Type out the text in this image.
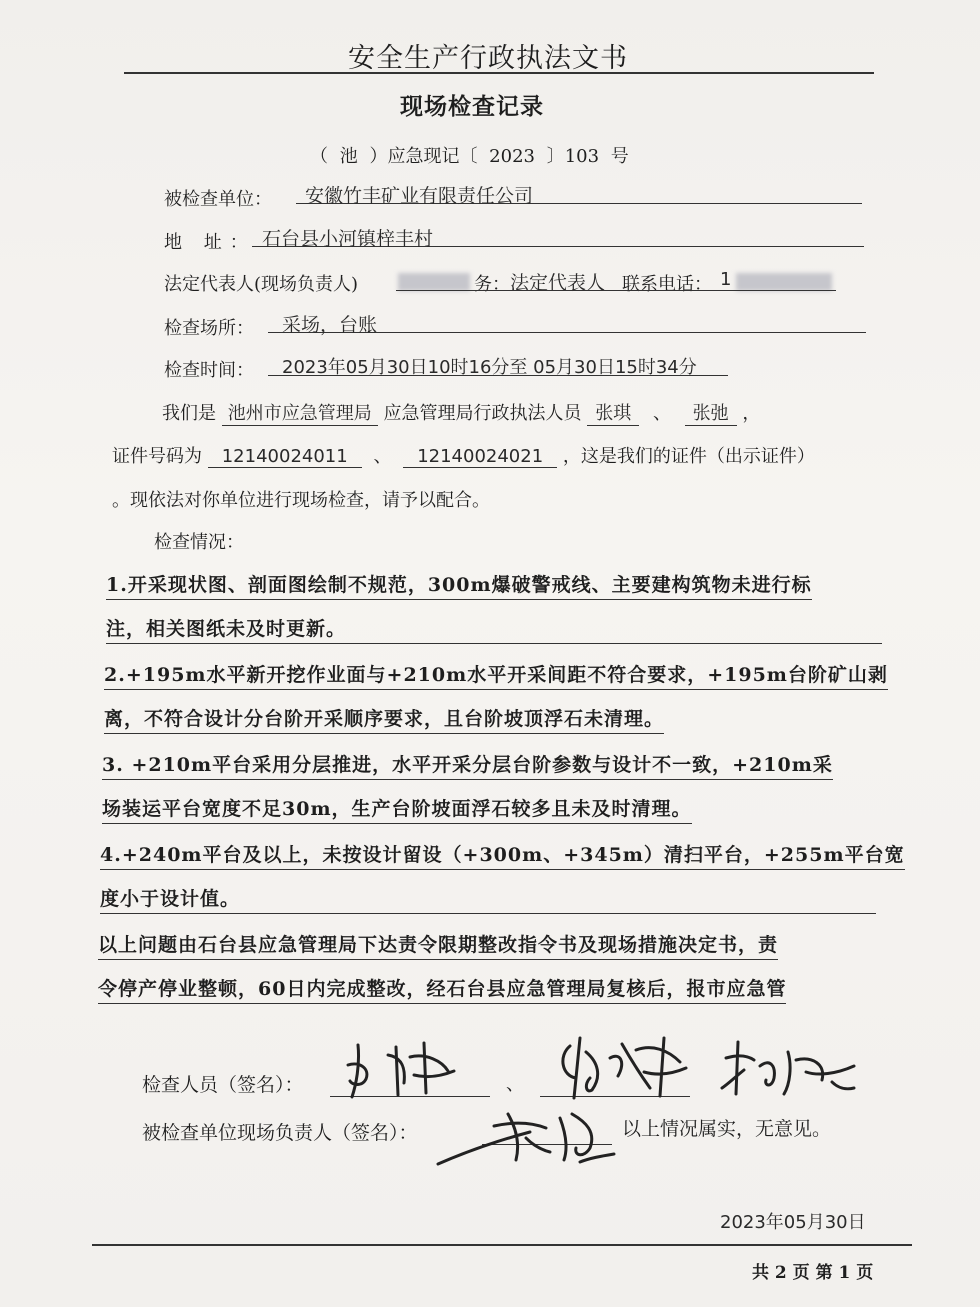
安全生产行政执法文书
现场检查记录
（ 池 ）应急现记〔 2023 〕103 号
被检查单位： 安徽竹丰矿业有限责任公司
地 址： 石台县小河镇梓丰村
法定代表人(现场负责人)	务： 法定代表人 联系电话： 1
检查场所： 采场，台账
检查时间： 2023年05月30日10时16分至 05月30日15时34分
我们是 池州市应急管理局 应急管理局行政执法人员 张琪 、 张弛 ，
证件号码为 12140024011 、 12140024021 ，这是我们的证件（出示证件）
。现依法对你单位进行现场检查，请予以配合。
检查情况：
1.开采现状图、剖面图绘制不规范，300m爆破警戒线、主要建构筑物未进行标
注，相关图纸未及时更新。
2.+195m水平新开挖作业面与+210m水平开采间距不符合要求，+195m台阶矿山剥
离，不符合设计分台阶开采顺序要求，且台阶坡顶浮石未清理。
3. +210m平台采用分层推进，水平开采分层台阶参数与设计不一致，+210m采
场装运平台宽度不足30m，生产台阶坡面浮石较多且未及时清理。
4.+240m平台及以上，未按设计留设（+300m、+345m）清扫平台，+255m平台宽
度小于设计值。
以上问题由石台县应急管理局下达责令限期整改指令书及现场措施决定书，责
令停产停业整顿，60日内完成整改，经石台县应急管理局复核后，报市应急管
检查人员（签名）：	、
被检查单位现场负责人（签名）：	以上情况属实，无意见。
2023年05月30日
共 2 页 第 1 页
